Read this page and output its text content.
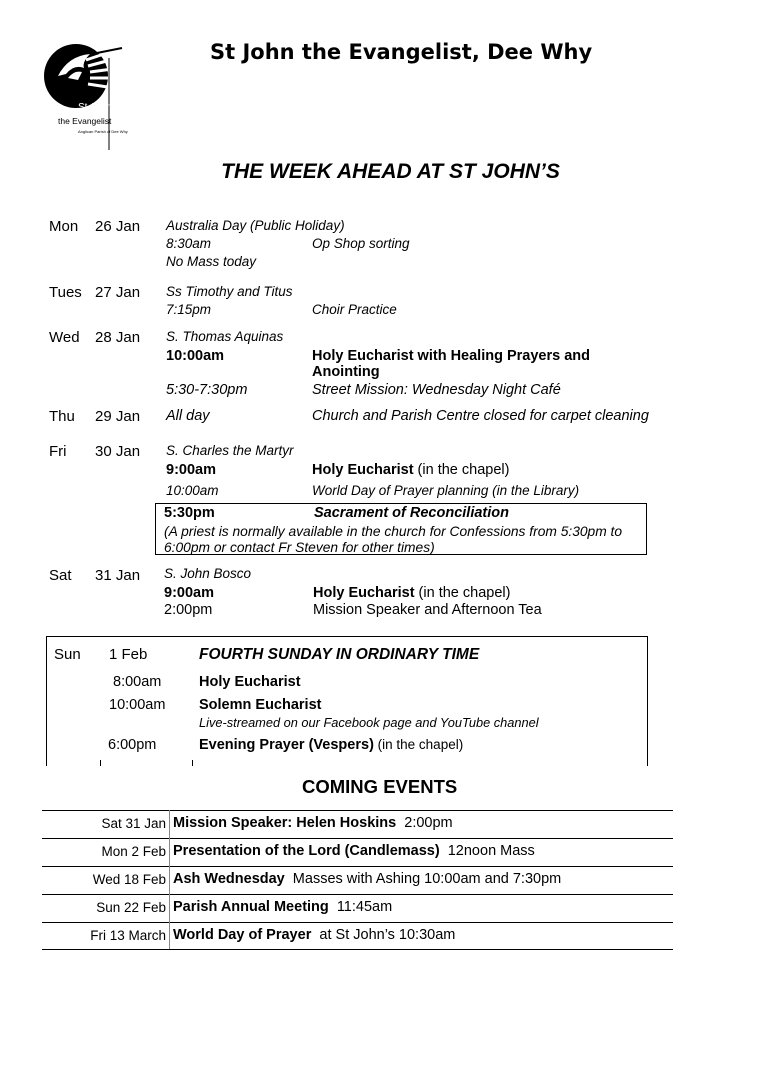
St John
the Evangelist
Anglican Parish of Dee Why
St John the Evangelist, Dee Why
THE WEEK AHEAD AT ST JOHN’S
Mon 26 Jan Australia Day (Public Holiday)
8:30am	Op Shop sorting
No Mass today
Tues 27 Jan Ss Timothy and Titus
7:15pm	Choir Practice
Wed 28 Jan S. Thomas Aquinas
10:00am	Holy Eucharist with Healing Prayers and
Anointing
5:30-7:30pm	Street Mission: Wednesday Night Café
Thu 29 Jan All day	Church and Parish Centre closed for carpet cleaning
Fri 30 Jan S. Charles the Martyr
9:00am	Holy Eucharist (in the chapel)
10:00am	World Day of Prayer planning (in the Library)
5:30pm	Sacrament of Reconciliation
(A priest is normally available in the church for Confessions from 5:30pm to
6:00pm or contact Fr Steven for other times)
Sat 31 Jan S. John Bosco
9:00am	Holy Eucharist (in the chapel)
2:00pm	Mission Speaker and Afternoon Tea
Sun 1 Feb	FOURTH SUNDAY IN ORDINARY TIME
8:00am	Holy Eucharist
10:00am Solemn Eucharist
Live-streamed on our Facebook page and YouTube channel
6:00pm	Evening Prayer (Vespers) (in the chapel)
COMING EVENTS
Sat 31 Jan Mission Speaker: Helen Hoskins  2:00pm
Mon 2 Feb Presentation of the Lord (Candlemass)  12noon Mass
Wed 18 Feb Ash Wednesday  Masses with Ashing 10:00am and 7:30pm
Sun 22 Feb Parish Annual Meeting  11:45am
Fri 13 March World Day of Prayer  at St John’s 10:30am
